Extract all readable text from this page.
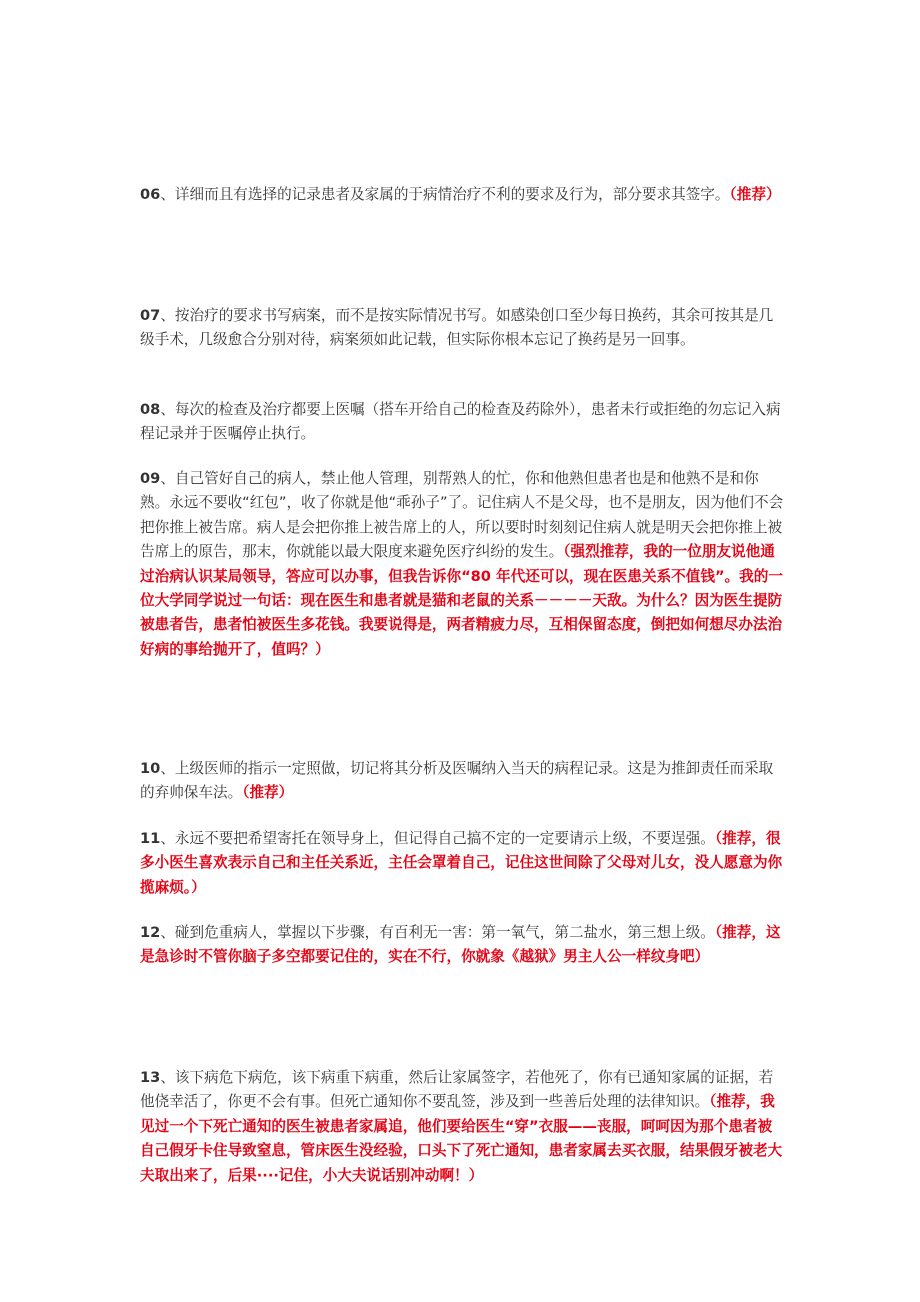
06、详细而且有选择的记录患者及家属的于病情治疗不利的要求及行为，部分要求其签字。（推荐）

07、按治疗的要求书写病案，而不是按实际情况书写。如感染创口至少每日换药，其余可按其是几级手术，几级愈合分别对待，病案须如此记载，但实际你根本忘记了换药是另一回事。

08、每次的检查及治疗都要上医嘱（搭车开给自己的检查及药除外），患者未行或拒绝的勿忘记入病程记录并于医嘱停止执行。

09、自己管好自己的病人，禁止他人管理，别帮熟人的忙，你和他熟但患者也是和他熟不是和你熟。永远不要收“红包”，收了你就是他“乖孙子”了。记住病人不是父母，也不是朋友，因为他们不会把你推上被告席。病人是会把你推上被告席上的人，所以要时时刻刻记住病人就是明天会把你推上被告席上的原告，那末，你就能以最大限度来避免医疗纠纷的发生。（强烈推荐，我的一位朋友说他通过治病认识某局领导，答应可以办事，但我告诉你“80 年代还可以，现在医患关系不值钱”。我的一位大学同学说过一句话：现在医生和患者就是猫和老鼠的关系－－－－天敌。为什么？因为医生提防被患者告，患者怕被医生多花钱。我要说得是，两者精疲力尽，互相保留态度，倒把如何想尽办法治好病的事给抛开了，值吗？）

10、上级医师的指示一定照做，切记将其分析及医嘱纳入当天的病程记录。这是为推卸责任而采取的弃帅保车法。（推荐）

11、永远不要把希望寄托在领导身上，但记得自己搞不定的一定要请示上级，不要逞强。（推荐，很多小医生喜欢表示自己和主任关系近，主任会罩着自己，记住这世间除了父母对儿女，没人愿意为你揽麻烦。）

12、碰到危重病人，掌握以下步骤，有百利无一害：第一氧气，第二盐水，第三想上级。（推荐，这是急诊时不管你脑子多空都要记住的，实在不行，你就象《越狱》男主人公一样纹身吧）

13、该下病危下病危，该下病重下病重，然后让家属签字，若他死了，你有已通知家属的证据，若他侥幸活了，你更不会有事。但死亡通知你不要乱签，涉及到一些善后处理的法律知识。（推荐，我见过一个下死亡通知的医生被患者家属追，他们要给医生“穿”衣服——丧服，呵呵因为那个患者被自己假牙卡住导致窒息，管床医生没经验，口头下了死亡通知，患者家属去买衣服，结果假牙被老大夫取出来了，后果····记住，小大夫说话别冲动啊！）
